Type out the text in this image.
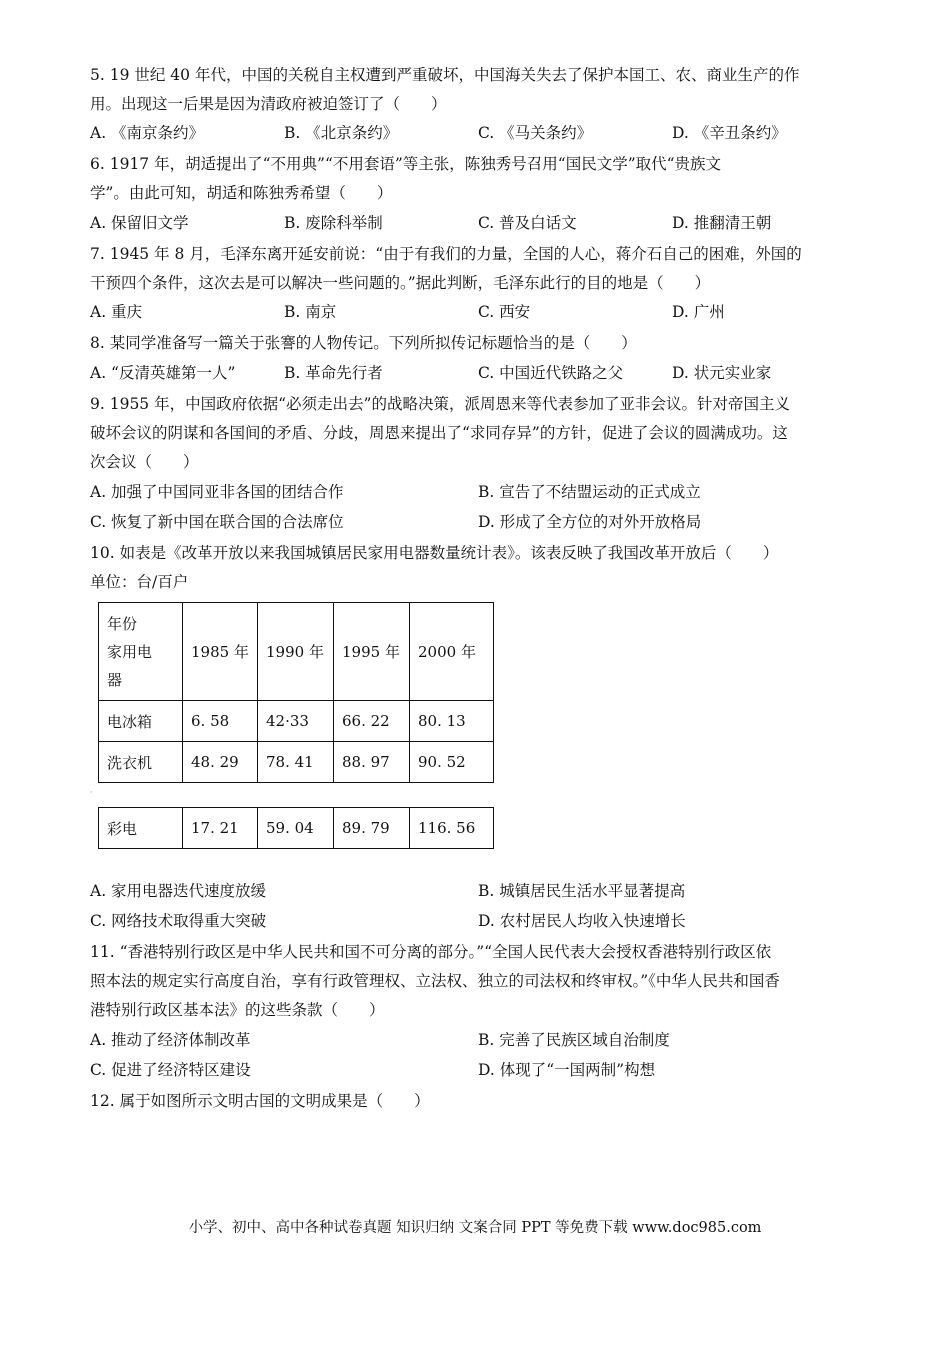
5. 19 世纪 40 年代，中国的关税自主权遭到严重破坏，中国海关失去了保护本国工、农、商业生产的作
用。出现这一后果是因为清政府被迫签订了（　　）
A. 《南京条约》	B. 《北京条约》	C. 《马关条约》	D. 《辛丑条约》
6. 1917 年，胡适提出了“不用典”“不用套语”等主张，陈独秀号召用“国民文学”取代“贵族文
学”。由此可知，胡适和陈独秀希望（　　）
A. 保留旧文学	B. 废除科举制	C. 普及白话文	D. 推翻清王朝
7. 1945 年 8 月，毛泽东离开延安前说：“由于有我们的力量，全国的人心，蒋介石自己的困难，外国的
干预四个条件，这次去是可以解决一些问题的。”据此判断，毛泽东此行的目的地是（　　）
A. 重庆	B. 南京	C. 西安	D. 广州
8. 某同学准备写一篇关于张謇的人物传记。下列所拟传记标题恰当的是（　　）
A. “反清英雄第一人”	B. 革命先行者	C. 中国近代铁路之父	D. 状元实业家
9. 1955 年，中国政府依据“必须走出去”的战略决策，派周恩来等代表参加了亚非会议。针对帝国主义
破坏会议的阴谋和各国间的矛盾、分歧，周恩来提出了“求同存异”的方针，促进了会议的圆满成功。这
次会议（　　）
A. 加强了中国同亚非各国的团结合作	B. 宣告了不结盟运动的正式成立
C. 恢复了新中国在联合国的合法席位	D. 形成了全方位的对外开放格局
10. 如表是《改革开放以来我国城镇居民家用电器数量统计表》。该表反映了我国改革开放后（　　）
单位：台/百户
年份
家用电
器	1985 年	1990 年	1995 年	2000 年
电冰箱	6. 58	42·33	66. 22	80. 13
洗衣机	48. 29	78. 41	88. 97	90. 52
·
彩电	17. 21	59. 04	89. 79	116. 56
A. 家用电器迭代速度放缓	B. 城镇居民生活水平显著提高
C. 网络技术取得重大突破	D. 农村居民人均收入快速增长
11. “香港特别行政区是中华人民共和国不可分离的部分。”“全国人民代表大会授权香港特别行政区依
照本法的规定实行高度自治，享有行政管理权、立法权、独立的司法权和终审权。”《中华人民共和国香
港特别行政区基本法》的这些条款（　　）
A. 推动了经济体制改革	B. 完善了民族区域自治制度
C. 促进了经济特区建设	D. 体现了“一国两制”构想
12. 属于如图所示文明古国的文明成果是（　　）
小学、初中、高中各种试卷真题 知识归纳 文案合同 PPT 等免费下载 www.doc985.com
